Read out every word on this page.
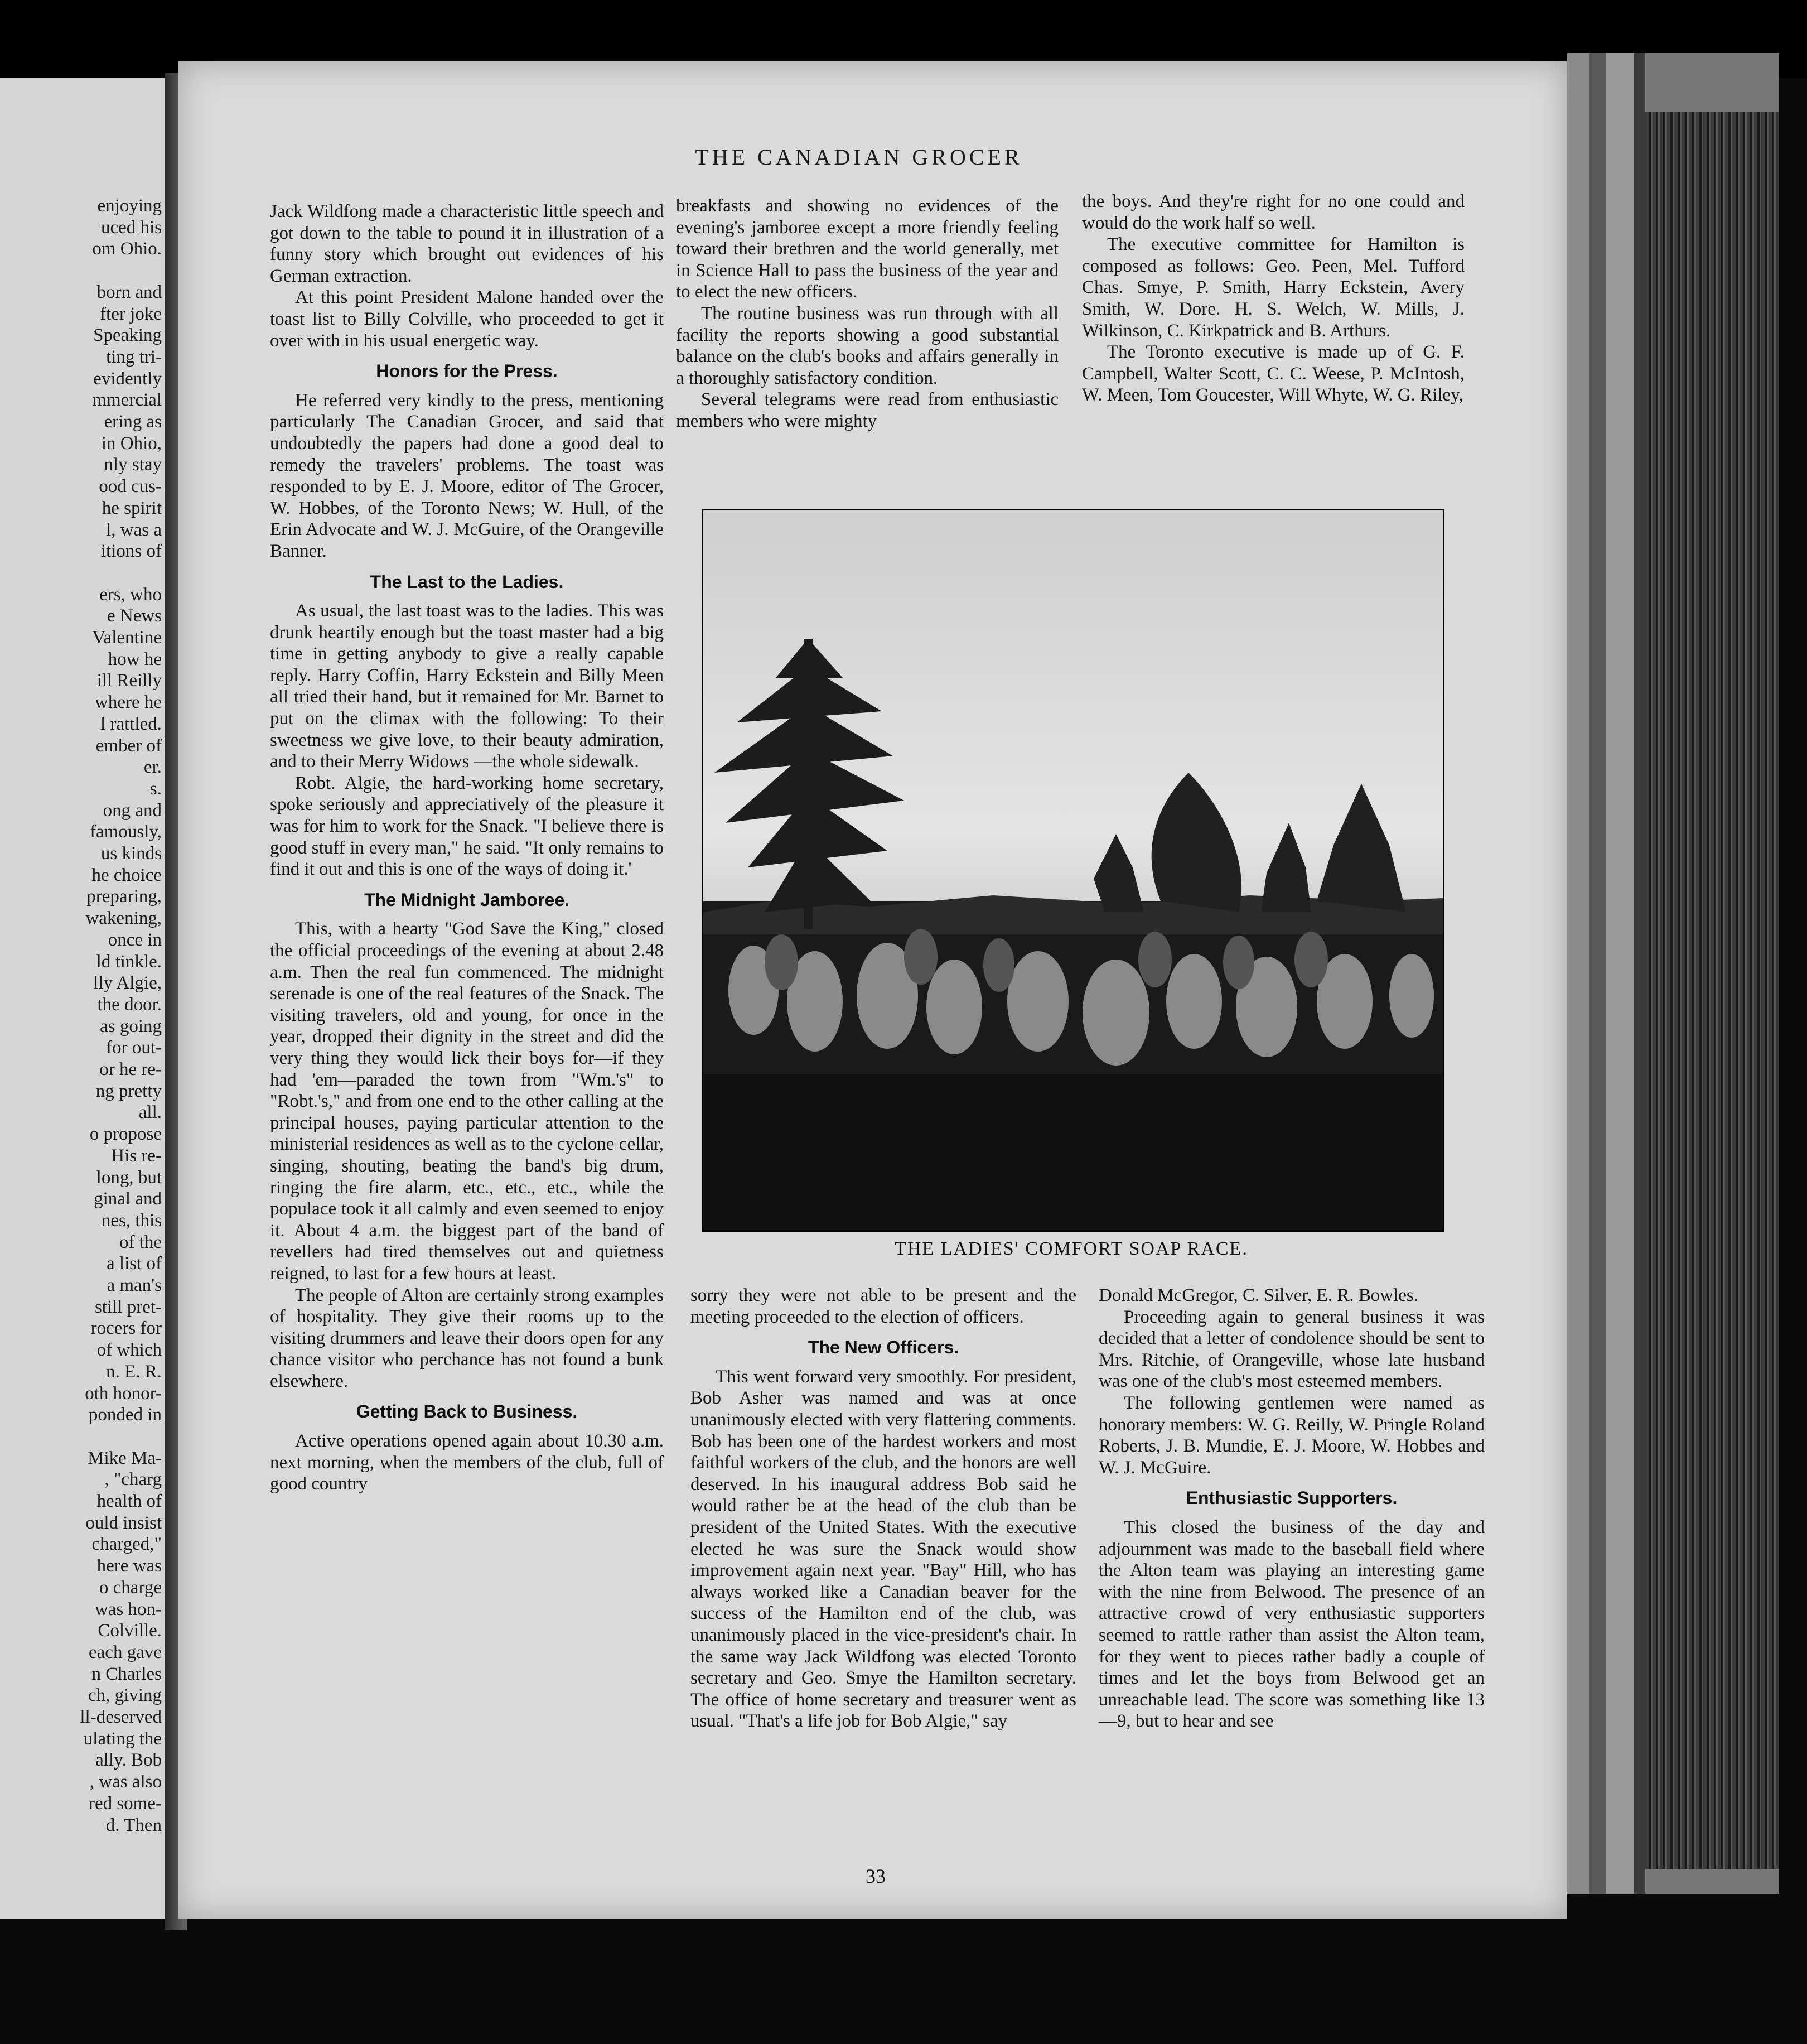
enjoying
uced his
om Ohio.
born and
fter joke
Speaking
ting tri-
evidently
mmercial
ering as
in Ohio,
nly stay
ood cus-
he spirit
l, was a
itions of
ers, who
e News
Valentine
how he
ill Reilly
where he
l rattled.
ember of
er.
s.
ong and
famously,
us kinds
he choice
preparing,
wakening,
once in
ld tinkle.
lly Algie,
the door.
as going
for out-
or he re-
ng pretty
all.
o propose
His re-
long, but
ginal and
nes, this
of the
a list of
a man's
still pret-
rocers for
of which
n. E. R.
oth honor-
ponded in
Mike Ma-
, "charg
health of
ould insist
charged,"
here was
o charge
was hon-
Colville.
each gave
n Charles
ch, giving
ll-deserved
ulating the
ally. Bob
, was also
red some-
d. Then
THE CANADIAN GROCER

Jack Wildfong made a characteristic little speech and got down to the table to pound it in illustration of a funny story which brought out evidences of his German extraction.

At this point President Malone handed over the toast list to Billy Colville, who proceeded to get it over with in his usual energetic way.

Honors for the Press.

He referred very kindly to the press, mentioning particularly The Canadian Grocer, and said that undoubtedly the papers had done a good deal to remedy the travelers' problems. The toast was responded to by E. J. Moore, editor of The Grocer, W. Hobbes, of the Toronto News; W. Hull, of the Erin Advocate and W. J. McGuire, of the Orangeville Banner.

The Last to the Ladies.

As usual, the last toast was to the ladies. This was drunk heartily enough but the toast master had a big time in getting anybody to give a really capable reply. Harry Coffin, Harry Eckstein and Billy Meen all tried their hand, but it remained for Mr. Barnet to put on the climax with the following: To their sweetness we give love, to their beauty admiration, and to their Merry Widows —the whole sidewalk.

Robt. Algie, the hard-working home secretary, spoke seriously and appreciatively of the pleasure it was for him to work for the Snack. "I believe there is good stuff in every man," he said. "It only remains to find it out and this is one of the ways of doing it.'

The Midnight Jamboree.

This, with a hearty "God Save the King," closed the official proceedings of the evening at about 2.48 a.m. Then the real fun commenced. The midnight serenade is one of the real features of the Snack. The visiting travelers, old and young, for once in the year, dropped their dignity in the street and did the very thing they would lick their boys for—if they had 'em—paraded the town from "Wm.'s" to "Robt.'s," and from one end to the other calling at the principal houses, paying particular attention to the ministerial residences as well as to the cyclone cellar, singing, shouting, beating the band's big drum, ringing the fire alarm, etc., etc., etc., while the populace took it all calmly and even seemed to enjoy it. About 4 a.m. the biggest part of the band of revellers had tired themselves out and quietness reigned, to last for a few hours at least.

The people of Alton are certainly strong examples of hospitality. They give their rooms up to the visiting drummers and leave their doors open for any chance visitor who perchance has not found a bunk elsewhere.

Getting Back to Business.

Active operations opened again about 10.30 a.m. next morning, when the members of the club, full of good country

breakfasts and showing no evidences of the evening's jamboree except a more friendly feeling toward their brethren and the world generally, met in Science Hall to pass the business of the year and to elect the new officers.

The routine business was run through with all facility the reports showing a good substantial balance on the club's books and affairs generally in a thoroughly satisfactory condition.

Several telegrams were read from enthusiastic members who were mighty

the boys. And they're right for no one could and would do the work half so well.

The executive committee for Hamilton is composed as follows: Geo. Peen, Mel. Tufford Chas. Smye, P. Smith, Harry Eckstein, Avery Smith, W. Dore. H. S. Welch, W. Mills, J. Wilkinson, C. Kirkpatrick and B. Arthurs.

The Toronto executive is made up of G. F. Campbell, Walter Scott, C. C. Weese, P. McIntosh, W. Meen, Tom Goucester, Will Whyte, W. G. Riley,

THE LADIES' COMFORT SOAP RACE.

sorry they were not able to be present and the meeting proceeded to the election of officers.

The New Officers.

This went forward very smoothly. For president, Bob Asher was named and was at once unanimously elected with very flattering comments. Bob has been one of the hardest workers and most faithful workers of the club, and the honors are well deserved. In his inaugural address Bob said he would rather be at the head of the club than be president of the United States. With the executive elected he was sure the Snack would show improvement again next year. "Bay" Hill, who has always worked like a Canadian beaver for the success of the Hamilton end of the club, was unanimously placed in the vice-president's chair. In the same way Jack Wildfong was elected Toronto secretary and Geo. Smye the Hamilton secretary. The office of home secretary and treasurer went as usual. "That's a life job for Bob Algie," say

Donald McGregor, C. Silver, E. R. Bowles.

Proceeding again to general business it was decided that a letter of condolence should be sent to Mrs. Ritchie, of Orangeville, whose late husband was one of the club's most esteemed members.

The following gentlemen were named as honorary members: W. G. Reilly, W. Pringle Roland Roberts, J. B. Mundie, E. J. Moore, W. Hobbes and W. J. McGuire.

Enthusiastic Supporters.

This closed the business of the day and adjournment was made to the baseball field where the Alton team was playing an interesting game with the nine from Belwood. The presence of an attractive crowd of very enthusiastic supporters seemed to rattle rather than assist the Alton team, for they went to pieces rather badly a couple of times and let the boys from Belwood get an unreachable lead. The score was something like 13—9, but to hear and see

33
